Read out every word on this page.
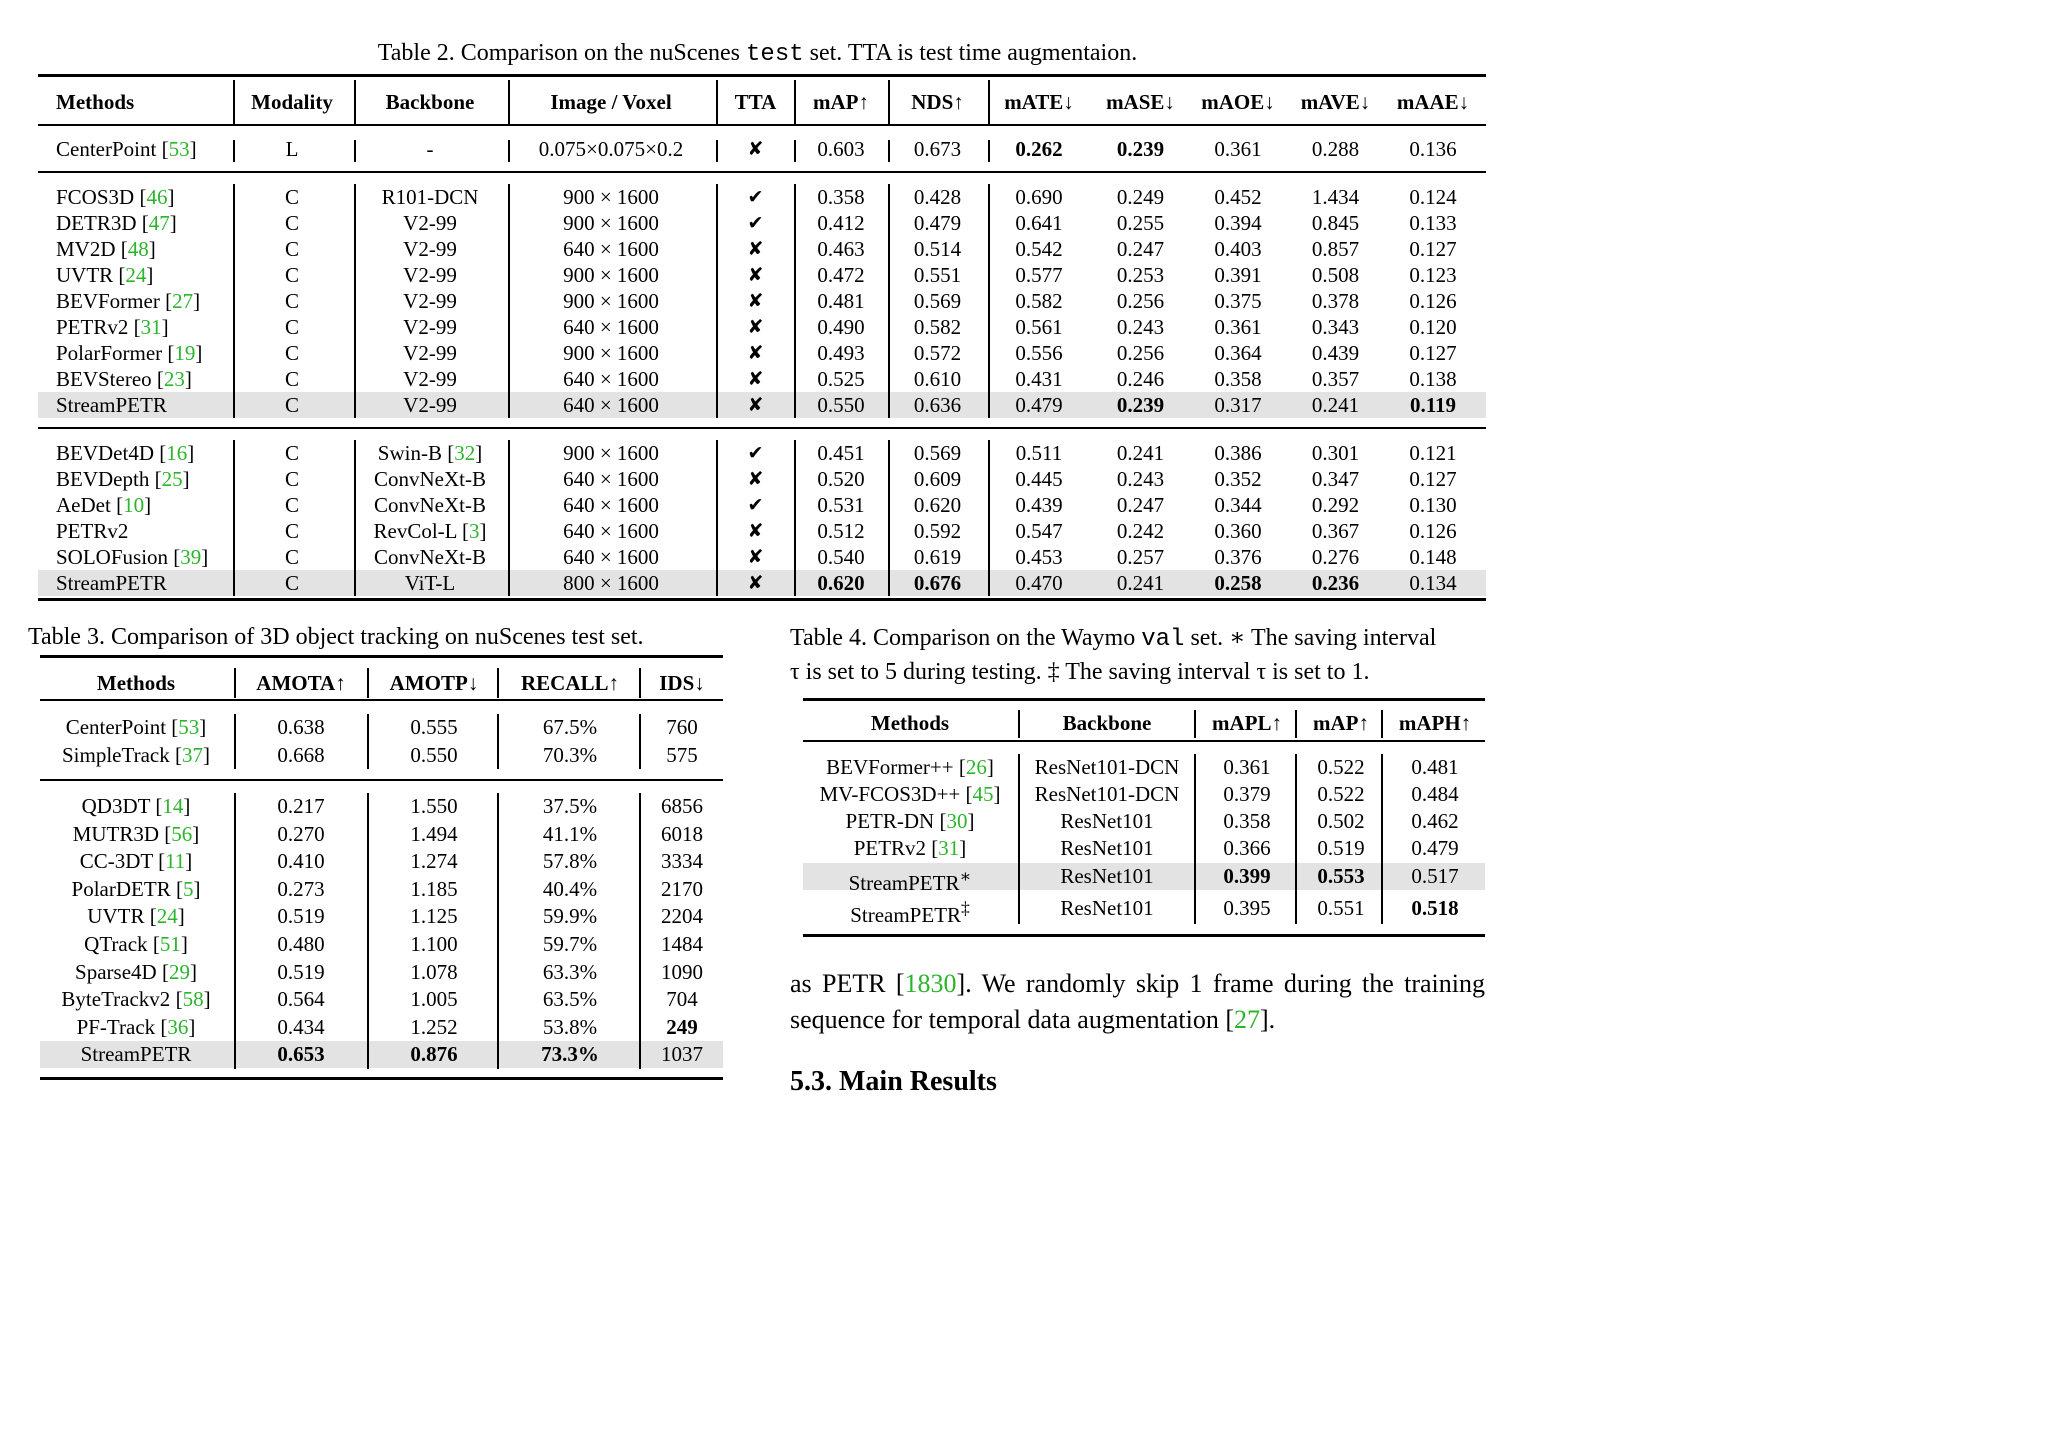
Table 2. Comparison on the nuScenes test set. TTA is test time augmentaion.
Methods	Modality	Backbone	Image / Voxel	TTA	mAP↑	NDS↑	mATE↓	mASE↓	mAOE↓	mAVE↓	mAAE↓
CenterPoint [53]	L	-	0.075×0.075×0.2	✘	0.603	0.673	0.262	0.239	0.361	0.288	0.136
FCOS3D [46]	C	R101-DCN	900 × 1600	✔	0.358	0.428	0.690	0.249	0.452	1.434	0.124
DETR3D [47]	C	V2-99	900 × 1600	✔	0.412	0.479	0.641	0.255	0.394	0.845	0.133
MV2D [48]	C	V2-99	640 × 1600	✘	0.463	0.514	0.542	0.247	0.403	0.857	0.127
UVTR [24]	C	V2-99	900 × 1600	✘	0.472	0.551	0.577	0.253	0.391	0.508	0.123
BEVFormer [27]	C	V2-99	900 × 1600	✘	0.481	0.569	0.582	0.256	0.375	0.378	0.126
PETRv2 [31]	C	V2-99	640 × 1600	✘	0.490	0.582	0.561	0.243	0.361	0.343	0.120
PolarFormer [19]	C	V2-99	900 × 1600	✘	0.493	0.572	0.556	0.256	0.364	0.439	0.127
BEVStereo [23]	C	V2-99	640 × 1600	✘	0.525	0.610	0.431	0.246	0.358	0.357	0.138
StreamPETR	C	V2-99	640 × 1600	✘	0.550	0.636	0.479	0.239	0.317	0.241	0.119
BEVDet4D [16]	C	Swin-B [32]	900 × 1600	✔	0.451	0.569	0.511	0.241	0.386	0.301	0.121
BEVDepth [25]	C	ConvNeXt-B	640 × 1600	✘	0.520	0.609	0.445	0.243	0.352	0.347	0.127
AeDet [10]	C	ConvNeXt-B	640 × 1600	✔	0.531	0.620	0.439	0.247	0.344	0.292	0.130
PETRv2	C	RevCol-L [3]	640 × 1600	✘	0.512	0.592	0.547	0.242	0.360	0.367	0.126
SOLOFusion [39]	C	ConvNeXt-B	640 × 1600	✘	0.540	0.619	0.453	0.257	0.376	0.276	0.148
StreamPETR	C	ViT-L	800 × 1600	✘	0.620	0.676	0.470	0.241	0.258	0.236	0.134
Table 3. Comparison of 3D object tracking on nuScenes test set.
Methods	AMOTA↑	AMOTP↓	RECALL↑	IDS↓
CenterPoint [53]	0.638	0.555	67.5%	760
SimpleTrack [37]	0.668	0.550	70.3%	575
QD3DT [14]	0.217	1.550	37.5%	6856
MUTR3D [56]	0.270	1.494	41.1%	6018
CC-3DT [11]	0.410	1.274	57.8%	3334
PolarDETR [5]	0.273	1.185	40.4%	2170
UVTR [24]	0.519	1.125	59.9%	2204
QTrack [51]	0.480	1.100	59.7%	1484
Sparse4D [29]	0.519	1.078	63.3%	1090
ByteTrackv2 [58]	0.564	1.005	63.5%	704
PF-Track [36]	0.434	1.252	53.8%	249
StreamPETR	0.653	0.876	73.3%	1037
Table 4. Comparison on the Waymo val set. ∗ The saving interval
τ is set to 5 during testing. ‡ The saving interval τ is set to 1.
Methods	Backbone	mAPL↑	mAP↑	mAPH↑
BEVFormer++ [26]	ResNet101-DCN	0.361	0.522	0.481
MV-FCOS3D++ [45]	ResNet101-DCN	0.379	0.522	0.484
PETR-DN [30]	ResNet101	0.358	0.502	0.462
PETRv2 [31]	ResNet101	0.366	0.519	0.479
StreamPETR∗	ResNet101	0.399	0.553	0.517
StreamPETR‡	ResNet101	0.395	0.551	0.518
as PETR [1830]. We randomly skip 1 frame during the training sequence for temporal data augmentation [27].
5.3. Main Results
